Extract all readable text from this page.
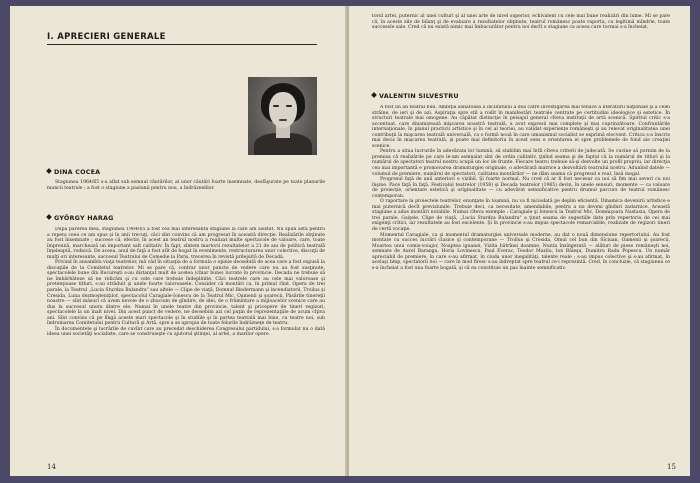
I. APRECIERI GENERALE
DINA COCEA

Stagiunea 1964/65 s-a aflat sub semnul căutărilor, al unor căutări foarte insemnate, desfăşurate pe toate planurile muncii teatrale ; a fost o stagiune a pasiunii pentru nou, a îndrăznelilor.

GYÖRGY HARAG

După părerea mea, stagiunea 1964/65 a fost cea mai interesantă stagiune la care am asistat. Nu spun asta pentru a repeta ceea ce am spus şi în anii trecuţi, căci sînt convins că am progresat în această direcţie. Realizările obţinute au fost însemnate ; succese că, efectiv, în acest an teatrul nostru a realizat multe spectacole de valoare, care, toate împreună, marchează un important salt calitativ. În fapt, sîntem martorii rezultatelor a 21 de ani de politică teatrală înţeleaptă, rodnică. De aceea, anul de faţă a fost atît de bogat în evenimente, restructurarea unor colective, discuţii de mulţi ori interesante, succesul Teatrului de Comedie la Paris, trecerea în revistă prilejuită de Decadă.

Privind în ansamblu viaţa teatrelor, mă văd în situaţia de a formula o opinie deosebită de acea care a fost expusă la discuţiile de la Comitetul teatrelor. Mi se pare că, contrar unor puncte de vedere care nu au fost susţinute, spectacolele bune din Bucureşti s-au distanţat mult de acelea (chiar bune) lucrate în provincie. Decada ne trebuie să ne îmbărbăteze să ne ridicăm şi cu cele care trebuie îndeplinite. Căci teatrele care au cele mai valoroase şi pretenţioase titluri, s-au străduit şi unele foarte valoroasele. Consider că montări ca, în primul rînd, Opera de trei parale, la Teatrul „Lucia Sturdza Bulandra" sau altele — Clipe de viaţă, Domnul Biedermann şi incendiatorii, Troilus şi Cresida, Luna dezmoşteniţilor, spectacolul Caragiale-Ionescu de la Teatrul Mic, Oamenii şi şoarecii, Păsările tinereţii noastre — sînt măsuri că avem nevoie de o zbucium de gîndire, de idei, de o frămîntare a mijloacelor scenice care au dus la succesul unora dintre ele. Numai în unele teatre din provincie, talent şi pricepere de tineri regizori, spectacolele la un înalt nivel. Din acest punct de vedere, ne deosebim azi cel puţin de reprezentaţiile de acum cîţiva ani. Sînt convins că pe lîngă aceste mari spectacole şi în studiile şi în partea teatrală mai bine, cu teatre noi, sub îndrumarea Comitetului pentru Cultură şi Artă, spre a se apropia de toate felurile îndrăzneţe de teatru.

În documentele şi lucrările de cuvînt care au precedat deschiderea Congresului partidului, s-a formulat nu o dată ideea unei societăţi socialiste, care se construieşte cu ajutorul ştiinţei, al artei, a marilor opere.

14

torul artei, puternic al unei culturi şi al unei arte de nivel superior, echivalent cu cele mai bune realizări din lume. Mi se pare că, în aceste zile de bilanţ şi de evaluare a rezultatelor obţinute, teatrul românesc poate raporta, cu legitimă mîndrie, toate succesele sale. Cred că nu există nimic mai îmbucurător pentru noi decît o stagiune ca aceea care tocmai s-a încheiat.

VALENTIN SILVESTRU

A fost un an teatral bun. Ambiţia sănătoasă a inciitatului a dus către investigarea mai tenace a literaturii naţionale şi a celei străine, de ieri şi de azi. Aspiraţia spre stil a rodit în manifestări teatrale centrate pe certitudini ideologice şi estetice. În structuri teatrale mai omogene. Au căpătat distincţie în peisajul general cîteva instituţii de artă scenică. Spiritul critic s-a accentuat, care dinamizează mişcarea noastră teatrală, a avut expresii mai complete şi mai cuprinzătoare. Confruntările internaţionale, în planul practicii artistice şi în cel al teoriei, au validat experienţe româneşti şi au relevat originalitatea unei contribuţii la mişcarea teatrală universală, ca o formă nouă în care umanismul socialist se exprimă elocvent. Critica s-a înscris mai decis în mişcarea teatrală, şi poate mai definitoriu în acest sens e orientarea ei spre problemele de fond ale creaţiei scenice.

Pentru a situa lucrurile în adevărata lor lumină, să stabilim mai întîi cîteva criterii de judecată. Se cuvine să pornim de la premisa că realizările pe care le-am semnalat sînt de ordin calitativ, ţinînd seama şi de faptul că la numărul de titluri şi la numărul de spectatori teatrul nostru ocupă un loc de frunte. Fiecare teatru trebuie să-şi dezvolte un profil propriu, iar direcţia cea mai importantă e promovarea dramaturgiei originale, o adevărată matrice a dezvoltării teatrului nostru. Adunînd datele — volumul de premiere, numărul de spectatori, calitatea montărilor — ne dăm seama că progresul e real, însă inegal.

Progresul faţă de anii anteriori e vizibil. Şi foarte normal. Nu cred că ar fi fost necesar ca noi să fim mai severi cu noi înşine. Pace faţă în faţă, Festivalul teatrelor (1958) şi Decada teatrelor (1965) devin, în unele sensuri, momente — ca valoare de proiecţie, orientare estetică şi originalitate — cu adevărat semnificative pentru drumul parcurs de teatrul românesc contemporan.

O raportare la proiectele teatrelor, enunţate în toamnă, nu va fi niciodată pe deplin eficientă. Dinamica devenirii artistice e mai puternică decît previziunile. Trebuie deci, ca necesitate, amendabile, pentru a nu deveni gînduri zadarnice. Această stagiune a adus montări notabile. Numai cîteva exemple : Caragiale şi Ionescu la Teatrul Mic, Domnişoara Nastasia, Opera de trei parale, Gaiţele, Clipe de viaţă, „Lucia Sturdza Bulandra" a ţinut seama de sugestiile date prin repertoriu de cei mai exigenţi critici, iar rezultatele au fost excelente. Şi în provincie s-au impus spectacole remarcabile, realizate de regizori tineri de certă vocaţie.

Momentul Caragiale, ca şi momentul dramaturgiei universale moderne, au dat o nouă dimensiune repertoriului. Au fost montate cu succes lucrări clasice şi contemporane — Troilus şi Cresida, Omul cel bun din Sîciuan, Oamenii şi şoarecii, Moartea unui comis-voiajor, Noaptea iguanei, Vizita bătrînei doamne, Nunta însîngerată — alături de piese româneşti noi, semnate de Aurel Baranga, Horia Lovinescu, Paul Everac, Teodor Mazilu, Ion Băieşu, Dumitru Radu Popescu. Un număr apreciabil de premiere, în care s-au afirmat, în ciuda unor inegalităţi, talente reale ; s-au impus colective şi s-au afirmat, în acelaşi timp, spectatorii noi — care în mod firesc s-au îndreptat spre teatrul ce-i reprezintă. Cred, în concluzie, că stagiunea ce s-a încheiat a fost una foarte bogată, şi că ea constituie un pas înainte semnificativ.

15
